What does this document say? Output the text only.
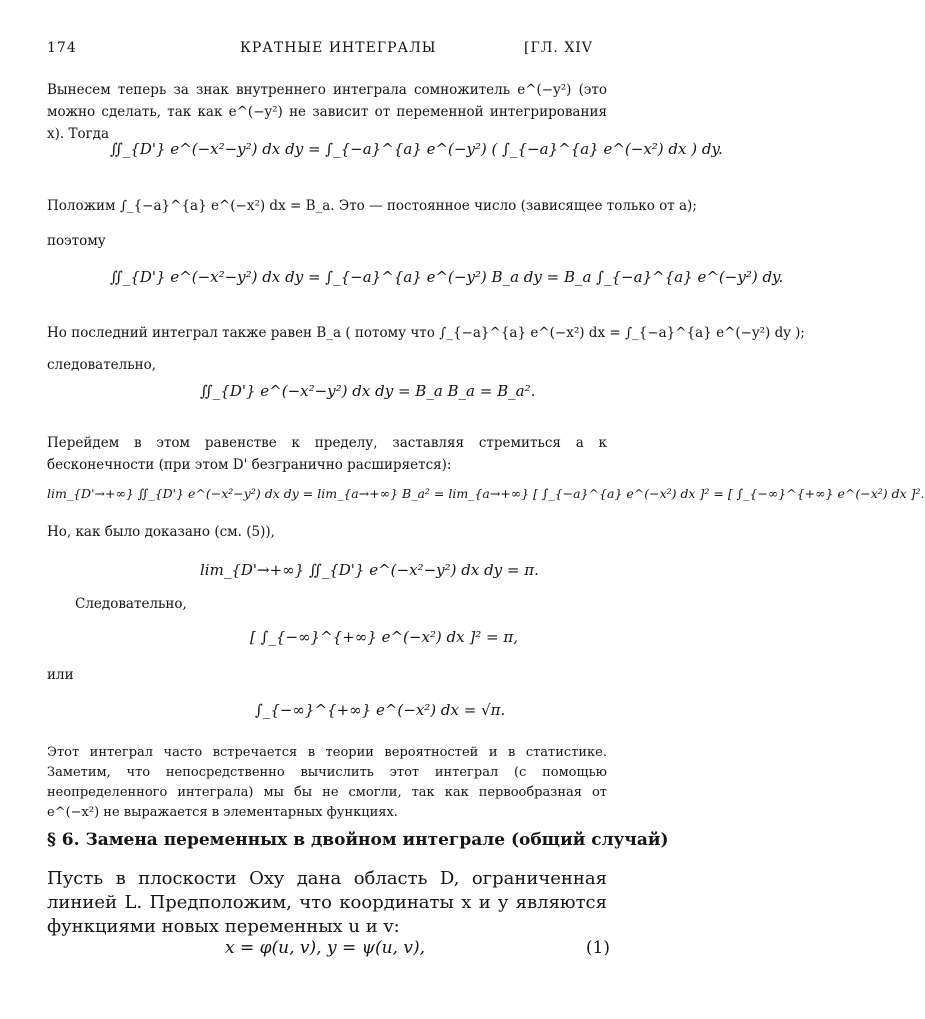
174	КРАТНЫЕ ИНТЕГРАЛЫ	[ГЛ. XIV
Вынесем теперь за знак внутреннего интеграла сомножитель e^(−y²) (это можно сделать, так как e^(−y²) не зависит от переменной интегрирования x). Тогда
∬_{D'} e^(−x²−y²) dx dy = ∫_{−a}^{a} e^(−y²) ( ∫_{−a}^{a} e^(−x²) dx ) dy.
Положим ∫_{−a}^{a} e^(−x²) dx = B_a. Это — постоянное число (зависящее только от a);
поэтому
∬_{D'} e^(−x²−y²) dx dy = ∫_{−a}^{a} e^(−y²) B_a dy = B_a ∫_{−a}^{a} e^(−y²) dy.
Но последний интеграл также равен B_a ( потому что ∫_{−a}^{a} e^(−x²) dx = ∫_{−a}^{a} e^(−y²) dy );
следовательно,
∬_{D'} e^(−x²−y²) dx dy = B_a B_a = B_a².
Перейдем в этом равенстве к пределу, заставляя стремиться a к бесконечности (при этом D' безгранично расширяется):
lim_{D'→+∞} ∬_{D'} e^(−x²−y²) dx dy = lim_{a→+∞} B_a² = lim_{a→+∞} [ ∫_{−a}^{a} e^(−x²) dx ]² = [ ∫_{−∞}^{+∞} e^(−x²) dx ]².
Но, как было доказано (см. (5)),
lim_{D'→+∞} ∬_{D'} e^(−x²−y²) dx dy = π.
Следовательно,
[ ∫_{−∞}^{+∞} e^(−x²) dx ]² = π,
или
∫_{−∞}^{+∞} e^(−x²) dx = √π.
Этот интеграл часто встречается в теории вероятностей и в статистике. Заметим, что непосредственно вычислить этот интеграл (с помощью неопределенного интеграла) мы бы не смогли, так как первообразная от e^(−x²) не выражается в элементарных функциях.
§ 6. Замена переменных в двойном интеграле (общий случай)
Пусть в плоскости Oxy дана область D, ограниченная линией L. Предположим, что координаты x и y являются функциями новых переменных u и v:
x = φ(u, v), y = ψ(u, v),	(1)
